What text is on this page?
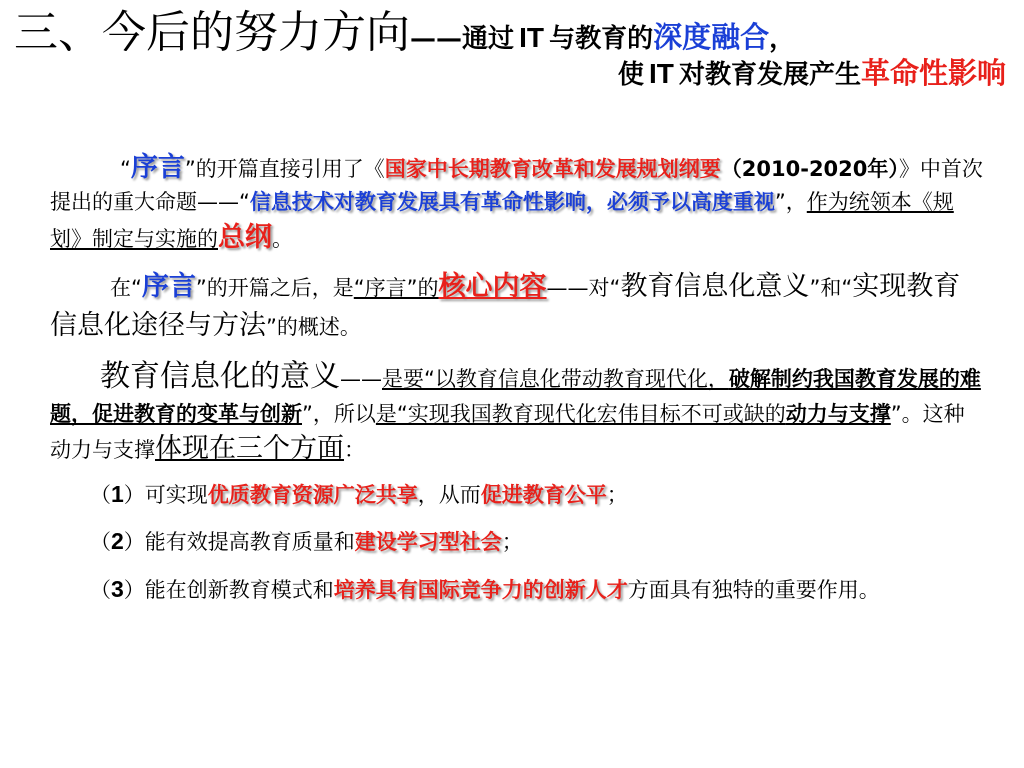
三、今后的努力方向——通过 IT 与教育的深度融合，
使 IT 对教育发展产生革命性影响

“序言”的开篇直接引用了《国家中长期教育改革和发展规划纲要（2010-2020年）》中首次提出的重大命题——“信息技术对教育发展具有革命性影响，必须予以高度重视”，作为统领本《规划》制定与实施的总纲。

在“序言”的开篇之后，是“序言”的核心内容——对“教育信息化意义”和“实现教育信息化途径与方法”的概述。

教育信息化的意义——是要“以教育信息化带动教育现代化，破解制约我国教育发展的难题，促进教育的变革与创新”，所以是“实现我国教育现代化宏伟目标不可或缺的动力与支撑”。这种动力与支撑体现在三个方面：

（1）可实现优质教育资源广泛共享，从而促进教育公平；

（2）能有效提高教育质量和建设学习型社会；

（3）能在创新教育模式和培养具有国际竞争力的创新人才方面具有独特的重要作用。
